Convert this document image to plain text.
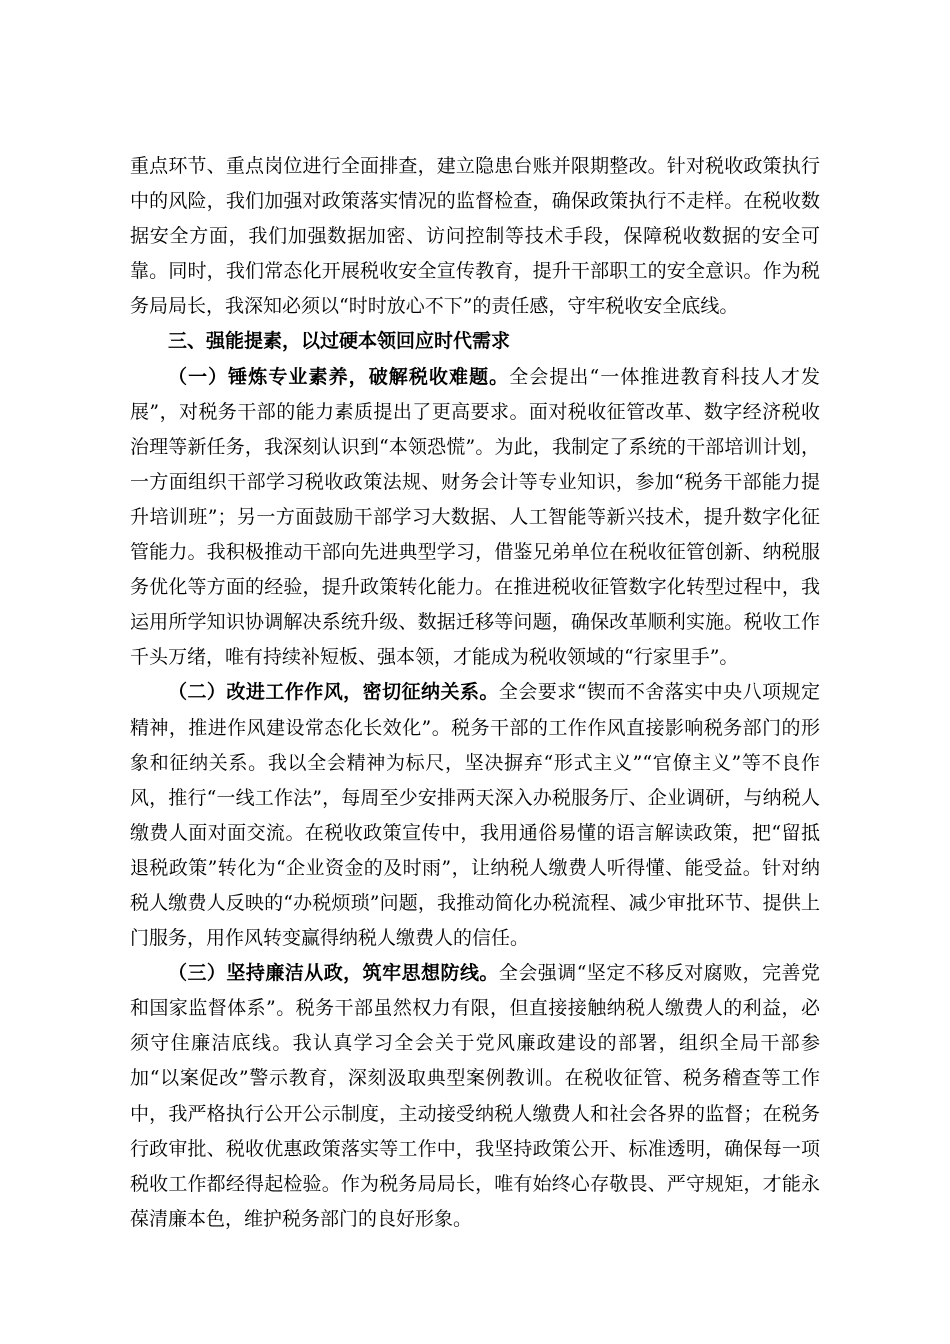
重点环节、重点岗位进行全面排查，建立隐患台账并限期整改。针对税收政策执行中的风险，我们加强对政策落实情况的监督检查，确保政策执行不走样。在税收数据安全方面，我们加强数据加密、访问控制等技术手段，保障税收数据的安全可靠。同时，我们常态化开展税收安全宣传教育，提升干部职工的安全意识。作为税务局局长，我深知必须以“时时放心不下”的责任感，守牢税收安全底线。

三、强能提素，以过硬本领回应时代需求

（一）锤炼专业素养，破解税收难题。全会提出“一体推进教育科技人才发展”，对税务干部的能力素质提出了更高要求。面对税收征管改革、数字经济税收治理等新任务，我深刻认识到“本领恐慌”。为此，我制定了系统的干部培训计划，一方面组织干部学习税收政策法规、财务会计等专业知识，参加“税务干部能力提升培训班”；另一方面鼓励干部学习大数据、人工智能等新兴技术，提升数字化征管能力。我积极推动干部向先进典型学习，借鉴兄弟单位在税收征管创新、纳税服务优化等方面的经验，提升政策转化能力。在推进税收征管数字化转型过程中，我运用所学知识协调解决系统升级、数据迁移等问题，确保改革顺利实施。税收工作千头万绪，唯有持续补短板、强本领，才能成为税收领域的“行家里手”。

（二）改进工作作风，密切征纳关系。全会要求“锲而不舍落实中央八项规定精神，推进作风建设常态化长效化”。税务干部的工作作风直接影响税务部门的形象和征纳关系。我以全会精神为标尺，坚决摒弃“形式主义”“官僚主义”等不良作风，推行“一线工作法”，每周至少安排两天深入办税服务厅、企业调研，与纳税人缴费人面对面交流。在税收政策宣传中，我用通俗易懂的语言解读政策，把“留抵退税政策”转化为“企业资金的及时雨”，让纳税人缴费人听得懂、能受益。针对纳税人缴费人反映的“办税烦琐”问题，我推动简化办税流程、减少审批环节、提供上门服务，用作风转变赢得纳税人缴费人的信任。

（三）坚持廉洁从政，筑牢思想防线。全会强调“坚定不移反对腐败，完善党和国家监督体系”。税务干部虽然权力有限，但直接接触纳税人缴费人的利益，必须守住廉洁底线。我认真学习全会关于党风廉政建设的部署，组织全局干部参加“以案促改”警示教育，深刻汲取典型案例教训。在税收征管、税务稽查等工作中，我严格执行公开公示制度，主动接受纳税人缴费人和社会各界的监督；在税务行政审批、税收优惠政策落实等工作中，我坚持政策公开、标准透明，确保每一项税收工作都经得起检验。作为税务局局长，唯有始终心存敬畏、严守规矩，才能永葆清廉本色，维护税务部门的良好形象。
